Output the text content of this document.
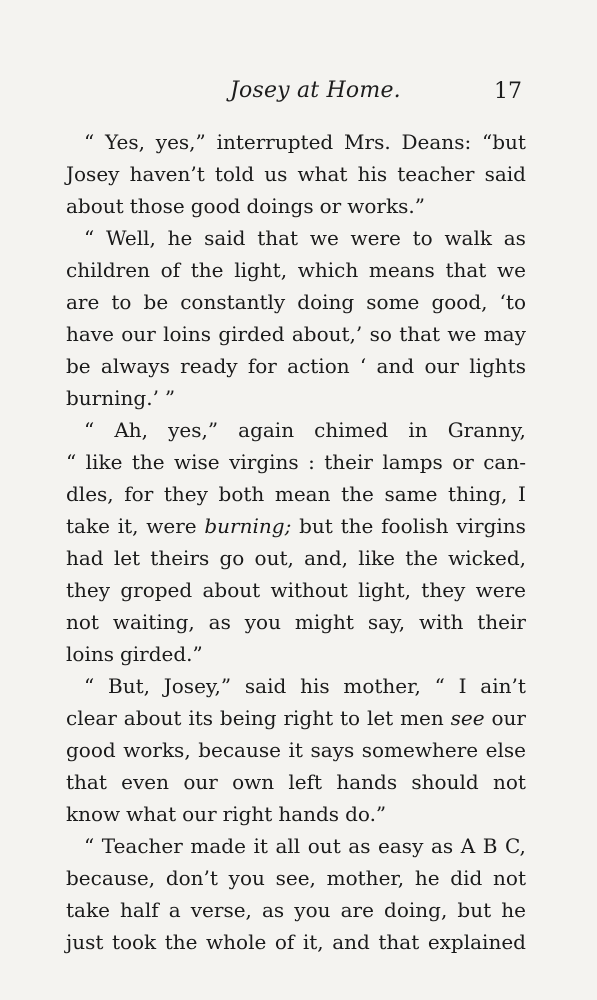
Josey at Home.	17
“ Yes, yes,” interrupted Mrs. Deans: “but
Josey haven’t told us what his teacher said
about those good doings or works.”
“ Well, he said that we were to walk as
children of the light, which means that we
are to be constantly doing some good, ‘to
have our loins girded about,’ so that we may
be always ready for action ‘ and our lights
burning.’ ”
“ Ah, yes,” again chimed in Granny,
“ like the wise virgins : their lamps or can-
dles, for they both mean the same thing, I
take it, were burning; but the foolish virgins
had let theirs go out, and, like the wicked,
they groped about without light, they were
not waiting, as you might say, with their
loins girded.”
“ But, Josey,” said his mother, “ I ain’t
clear about its being right to let men see our
good works, because it says somewhere else
that even our own left hands should not
know what our right hands do.”
“ Teacher made it all out as easy as A B C,
because, don’t you see, mother, he did not
take half a verse, as you are doing, but he
just took the whole of it, and that explained
